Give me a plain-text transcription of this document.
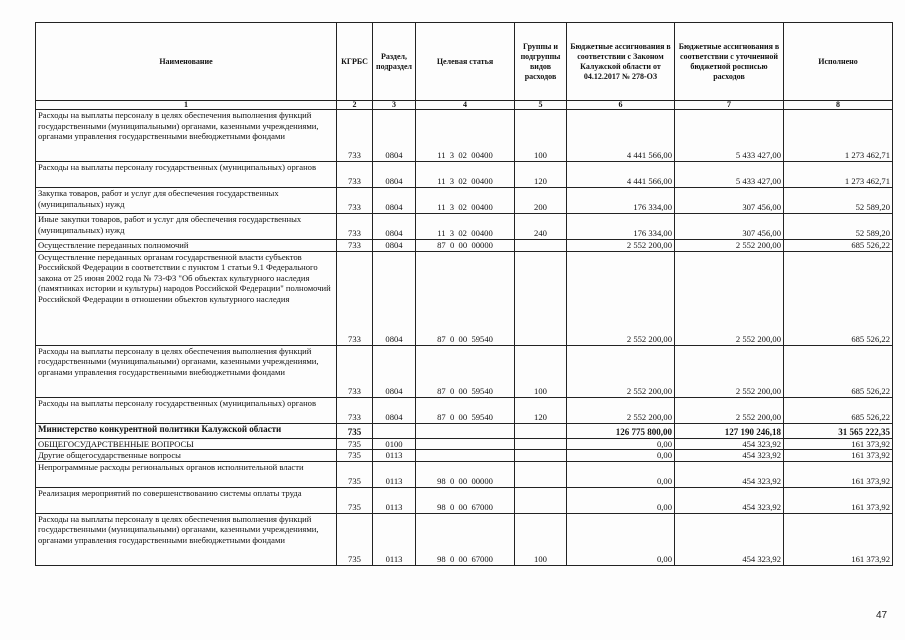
Наименование	КГРБС	Раздел, подраздел	Целевая статья	Группы и подгруппы видов расходов	Бюджетные ассигнования в соответствии с Законом Калужской области от 04.12.2017 № 278-ОЗ	Бюджетные ассигнования в соответствии с уточненной бюджетной росписью расходов	Исполнено
1	2	3	4	5	6	7	8
Расходы на выплаты персоналу в целях обеспечения выполнения функций государственными (муниципальными) органами, казенными учреждениями, органами управления государственными внебюджетными фондами	733	0804	11  3  02  00400	100	4 441 566,00	5 433 427,00	1 273 462,71
Расходы на выплаты персоналу государственных (муниципальных) органов	733	0804	11  3  02  00400	120	4 441 566,00	5 433 427,00	1 273 462,71
Закупка товаров, работ и услуг для обеспечения государственных (муниципальных) нужд	733	0804	11  3  02  00400	200	176 334,00	307 456,00	52 589,20
Иные закупки товаров, работ и услуг для обеспечения государственных (муниципальных) нужд	733	0804	11  3  02  00400	240	176 334,00	307 456,00	52 589,20
Осуществление переданных полномочий	733	0804	87  0  00  00000		2 552 200,00	2 552 200,00	685 526,22
Осуществление переданных органам государственной власти субъектов Российской Федерации в соответствии с пунктом 1 статьи 9.1 Федерального закона от 25 июня 2002 года № 73-ФЗ "Об объектах культурного наследия (памятниках истории и культуры) народов Российской Федерации" полномочий Российской Федерации в отношении объектов культурного наследия	733	0804	87  0  00  59540		2 552 200,00	2 552 200,00	685 526,22
Расходы на выплаты персоналу в целях обеспечения выполнения функций государственными (муниципальными) органами, казенными учреждениями, органами управления государственными внебюджетными фондами	733	0804	87  0  00  59540	100	2 552 200,00	2 552 200,00	685 526,22
Расходы на выплаты персоналу государственных (муниципальных) органов	733	0804	87  0  00  59540	120	2 552 200,00	2 552 200,00	685 526,22
Министерство конкурентной политики Калужской области	735				126 775 800,00	127 190 246,18	31 565 222,35
ОБЩЕГОСУДАРСТВЕННЫЕ ВОПРОСЫ	735	0100			0,00	454 323,92	161 373,92
Другие общегосударственные вопросы	735	0113			0,00	454 323,92	161 373,92
Непрограммные расходы региональных органов исполнительной власти	735	0113	98  0  00  00000		0,00	454 323,92	161 373,92
Реализация мероприятий по совершенствованию системы оплаты труда	735	0113	98  0  00  67000		0,00	454 323,92	161 373,92
Расходы на выплаты персоналу в целях обеспечения выполнения функций государственными (муниципальными) органами, казенными учреждениями, органами управления государственными внебюджетными фондами	735	0113	98  0  00  67000	100	0,00	454 323,92	161 373,92
47
